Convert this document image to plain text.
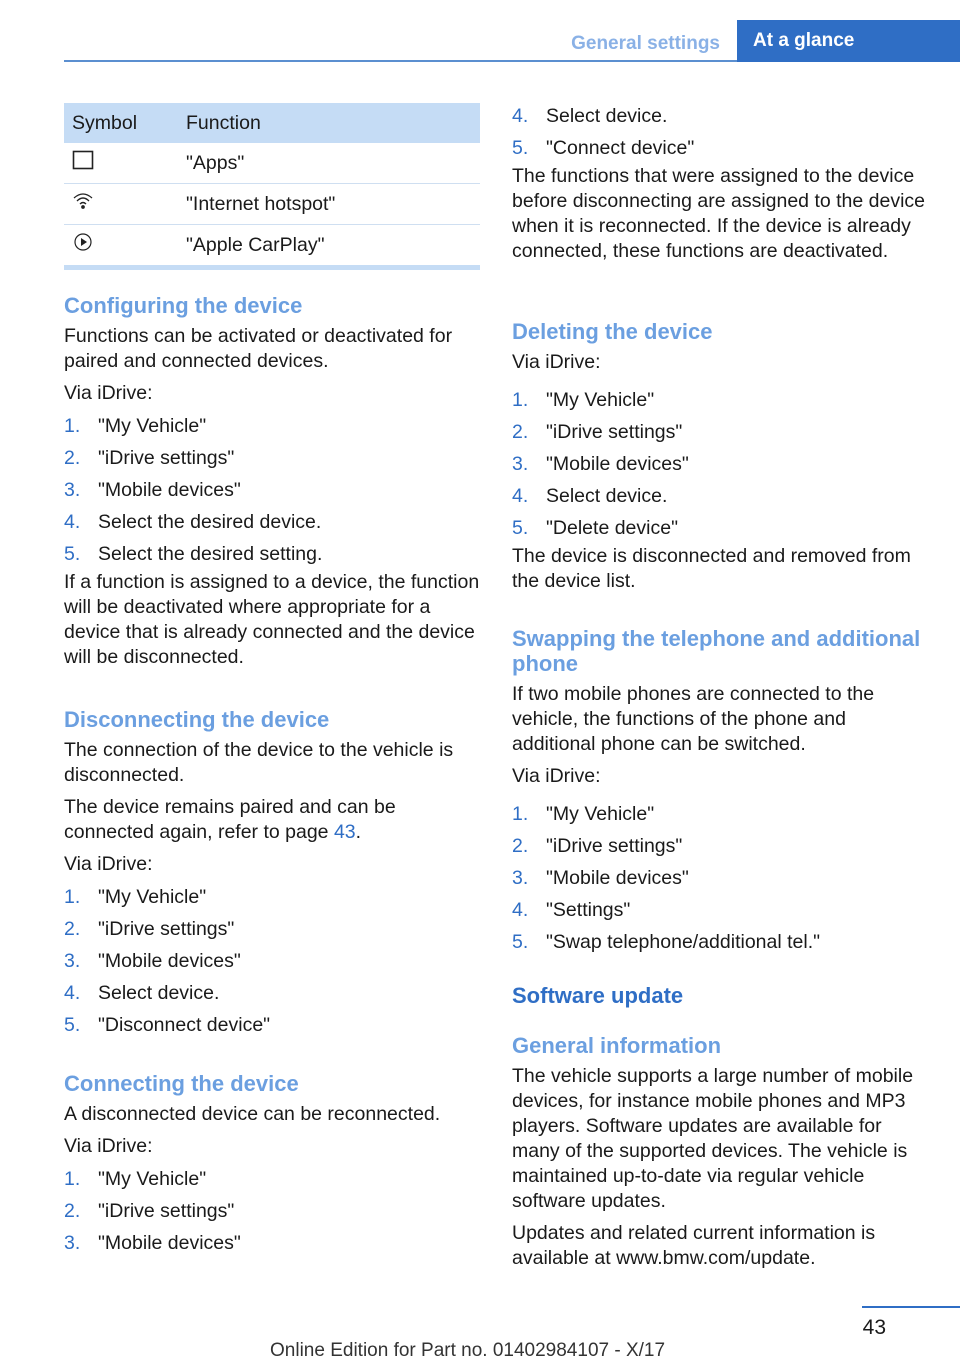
General settings	At a glance
Symbol	Function
	"Apps"
	"Internet hotspot"
	"Apple CarPlay"

Configuring the device

Functions can be activated or deactivated for paired and connected devices.

Via iDrive:

1. "My Vehicle"
2. "iDrive settings"
3. "Mobile devices"
4. Select the desired device.
5. Select the desired setting.

If a function is assigned to a device, the function will be deactivated where appropriate for a device that is already connected and the device will be disconnected.

Disconnecting the device

The connection of the device to the vehicle is disconnected.

The device remains paired and can be connected again, refer to page 43.

Via iDrive:

1. "My Vehicle"
2. "iDrive settings"
3. "Mobile devices"
4. Select device.
5. "Disconnect device"

Connecting the device

A disconnected device can be reconnected.

Via iDrive:

1. "My Vehicle"
2. "iDrive settings"
3. "Mobile devices"
4. Select device.
5. "Connect device"

The functions that were assigned to the device before disconnecting are assigned to the device when it is reconnected. If the device is already connected, these functions are deactivated.

Deleting the device

Via iDrive:

1. "My Vehicle"
2. "iDrive settings"
3. "Mobile devices"
4. Select device.
5. "Delete device"

The device is disconnected and removed from the device list.

Swapping the telephone and additional phone

If two mobile phones are connected to the vehicle, the functions of the phone and additional phone can be switched.

Via iDrive:

1. "My Vehicle"
2. "iDrive settings"
3. "Mobile devices"
4. "Settings"
5. "Swap telephone/additional tel."

Software update

General information

The vehicle supports a large number of mobile devices, for instance mobile phones and MP3 players. Software updates are available for many of the supported devices. The vehicle is maintained up-to-date via regular vehicle software updates.

Updates and related current information is available at www.bmw.com/update.

43
Online Edition for Part no. 01402984107 - X/17
